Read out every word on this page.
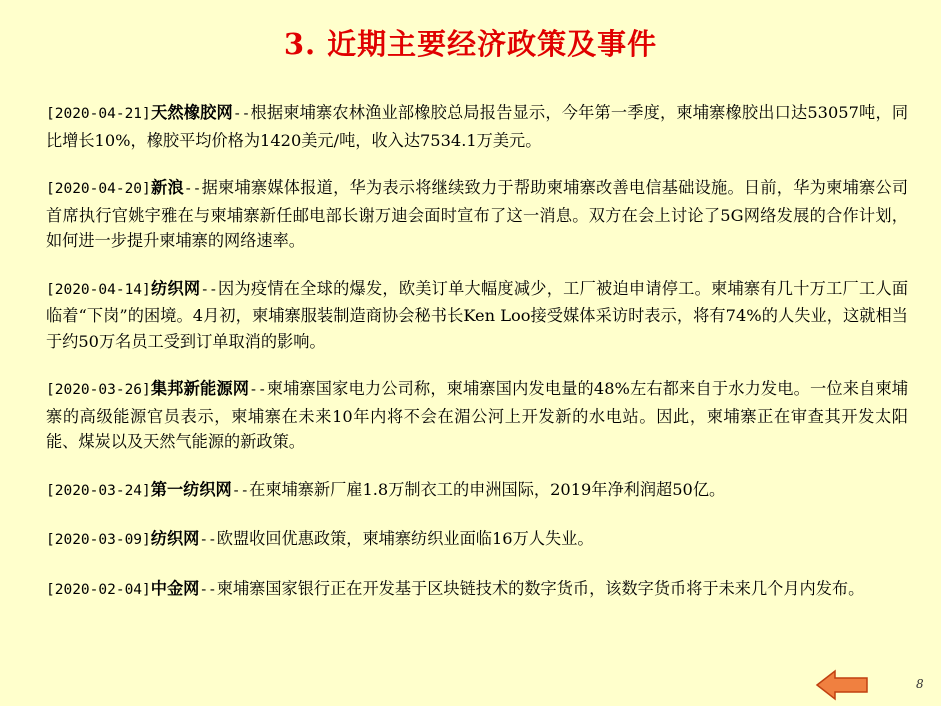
3. 近期主要经济政策及事件

[2020-04-21]天然橡胶网--根据柬埔寨农林渔业部橡胶总局报告显示，今年第一季度，柬埔寨橡胶出口达53057吨，同比增长10%，橡胶平均价格为1420美元/吨，收入达7534.1万美元。

[2020-04-20]新浪--据柬埔寨媒体报道，华为表示将继续致力于帮助柬埔寨改善电信基础设施。日前，华为柬埔寨公司首席执行官姚宇雅在与柬埔寨新任邮电部长谢万迪会面时宣布了这一消息。双方在会上讨论了5G网络发展的合作计划，如何进一步提升柬埔寨的网络速率。

[2020-04-14]纺织网--因为疫情在全球的爆发，欧美订单大幅度减少，工厂被迫申请停工。柬埔寨有几十万工厂工人面临着“下岗”的困境。4月初，柬埔寨服装制造商协会秘书长Ken Loo接受媒体采访时表示，将有74%的人失业，这就相当于约50万名员工受到订单取消的影响。

[2020-03-26]集邦新能源网--柬埔寨国家电力公司称，柬埔寨国内发电量的48%左右都来自于水力发电。一位来自柬埔寨的高级能源官员表示，柬埔寨在未来10年内将不会在湄公河上开发新的水电站。因此，柬埔寨正在审查其开发太阳能、煤炭以及天然气能源的新政策。

[2020-03-24]第一纺织网--在柬埔寨新厂雇1.8万制衣工的申洲国际，2019年净利润超50亿。

[2020-03-09]纺织网--欧盟收回优惠政策，柬埔寨纺织业面临16万人失业。

[2020-02-04]中金网--柬埔寨国家银行正在开发基于区块链技术的数字货币，该数字货币将于未来几个月内发布。

8
